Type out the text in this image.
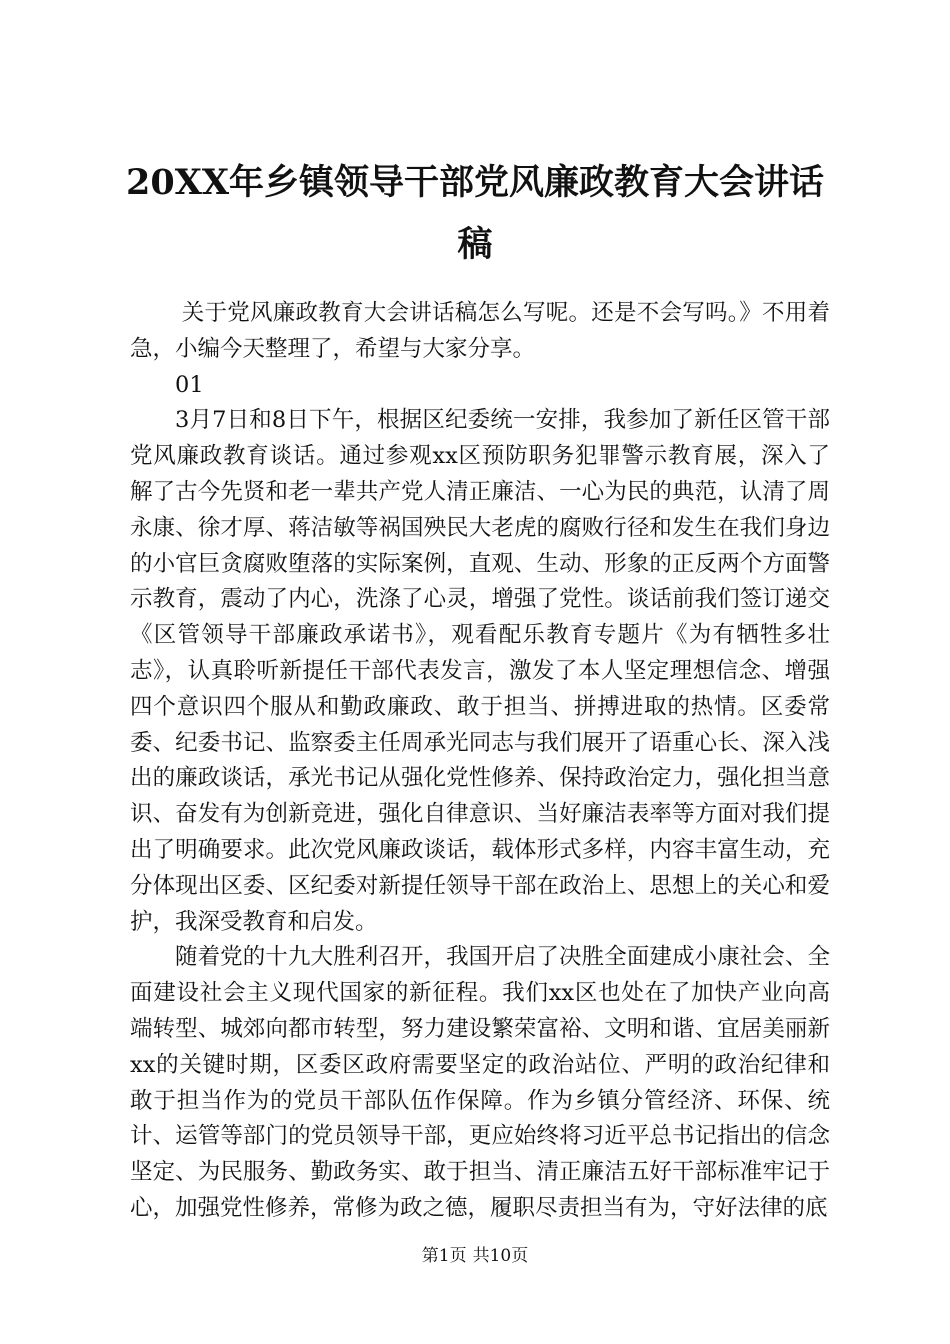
20XX年乡镇领导干部党风廉政教育大会讲话稿

关于党风廉政教育大会讲话稿怎么写呢。还是不会写吗。》不用着急，小编今天整理了，希望与大家分享。

01

3月7日和8日下午，根据区纪委统一安排，我参加了新任区管干部党风廉政教育谈话。通过参观xx区预防职务犯罪警示教育展，深入了解了古今先贤和老一辈共产党人清正廉洁、一心为民的典范，认清了周永康、徐才厚、蒋洁敏等祸国殃民大老虎的腐败行径和发生在我们身边的小官巨贪腐败堕落的实际案例，直观、生动、形象的正反两个方面警示教育，震动了内心，洗涤了心灵，增强了党性。谈话前我们签订递交《区管领导干部廉政承诺书》，观看配乐教育专题片《为有牺牲多壮志》，认真聆听新提任干部代表发言，激发了本人坚定理想信念、增强四个意识四个服从和勤政廉政、敢于担当、拼搏进取的热情。区委常委、纪委书记、监察委主任周承光同志与我们展开了语重心长、深入浅出的廉政谈话，承光书记从强化党性修养、保持政治定力，强化担当意识、奋发有为创新竞进，强化自律意识、当好廉洁表率等方面对我们提出了明确要求。此次党风廉政谈话，载体形式多样，内容丰富生动，充分体现出区委、区纪委对新提任领导干部在政治上、思想上的关心和爱护，我深受教育和启发。

随着党的十九大胜利召开，我国开启了决胜全面建成小康社会、全面建设社会主义现代国家的新征程。我们xx区也处在了加快产业向高端转型、城郊向都市转型，努力建设繁荣富裕、文明和谐、宜居美丽新xx的关键时期，区委区政府需要坚定的政治站位、严明的政治纪律和敢于担当作为的党员干部队伍作保障。作为乡镇分管经济、环保、统计、运管等部门的党员领导干部，更应始终将习近平总书记指出的信念坚定、为民服务、勤政务实、敢于担当、清正廉洁五好干部标准牢记于心，加强党性修养，常修为政之德，履职尽责担当有为，守好法律的底

第1页 共10页
